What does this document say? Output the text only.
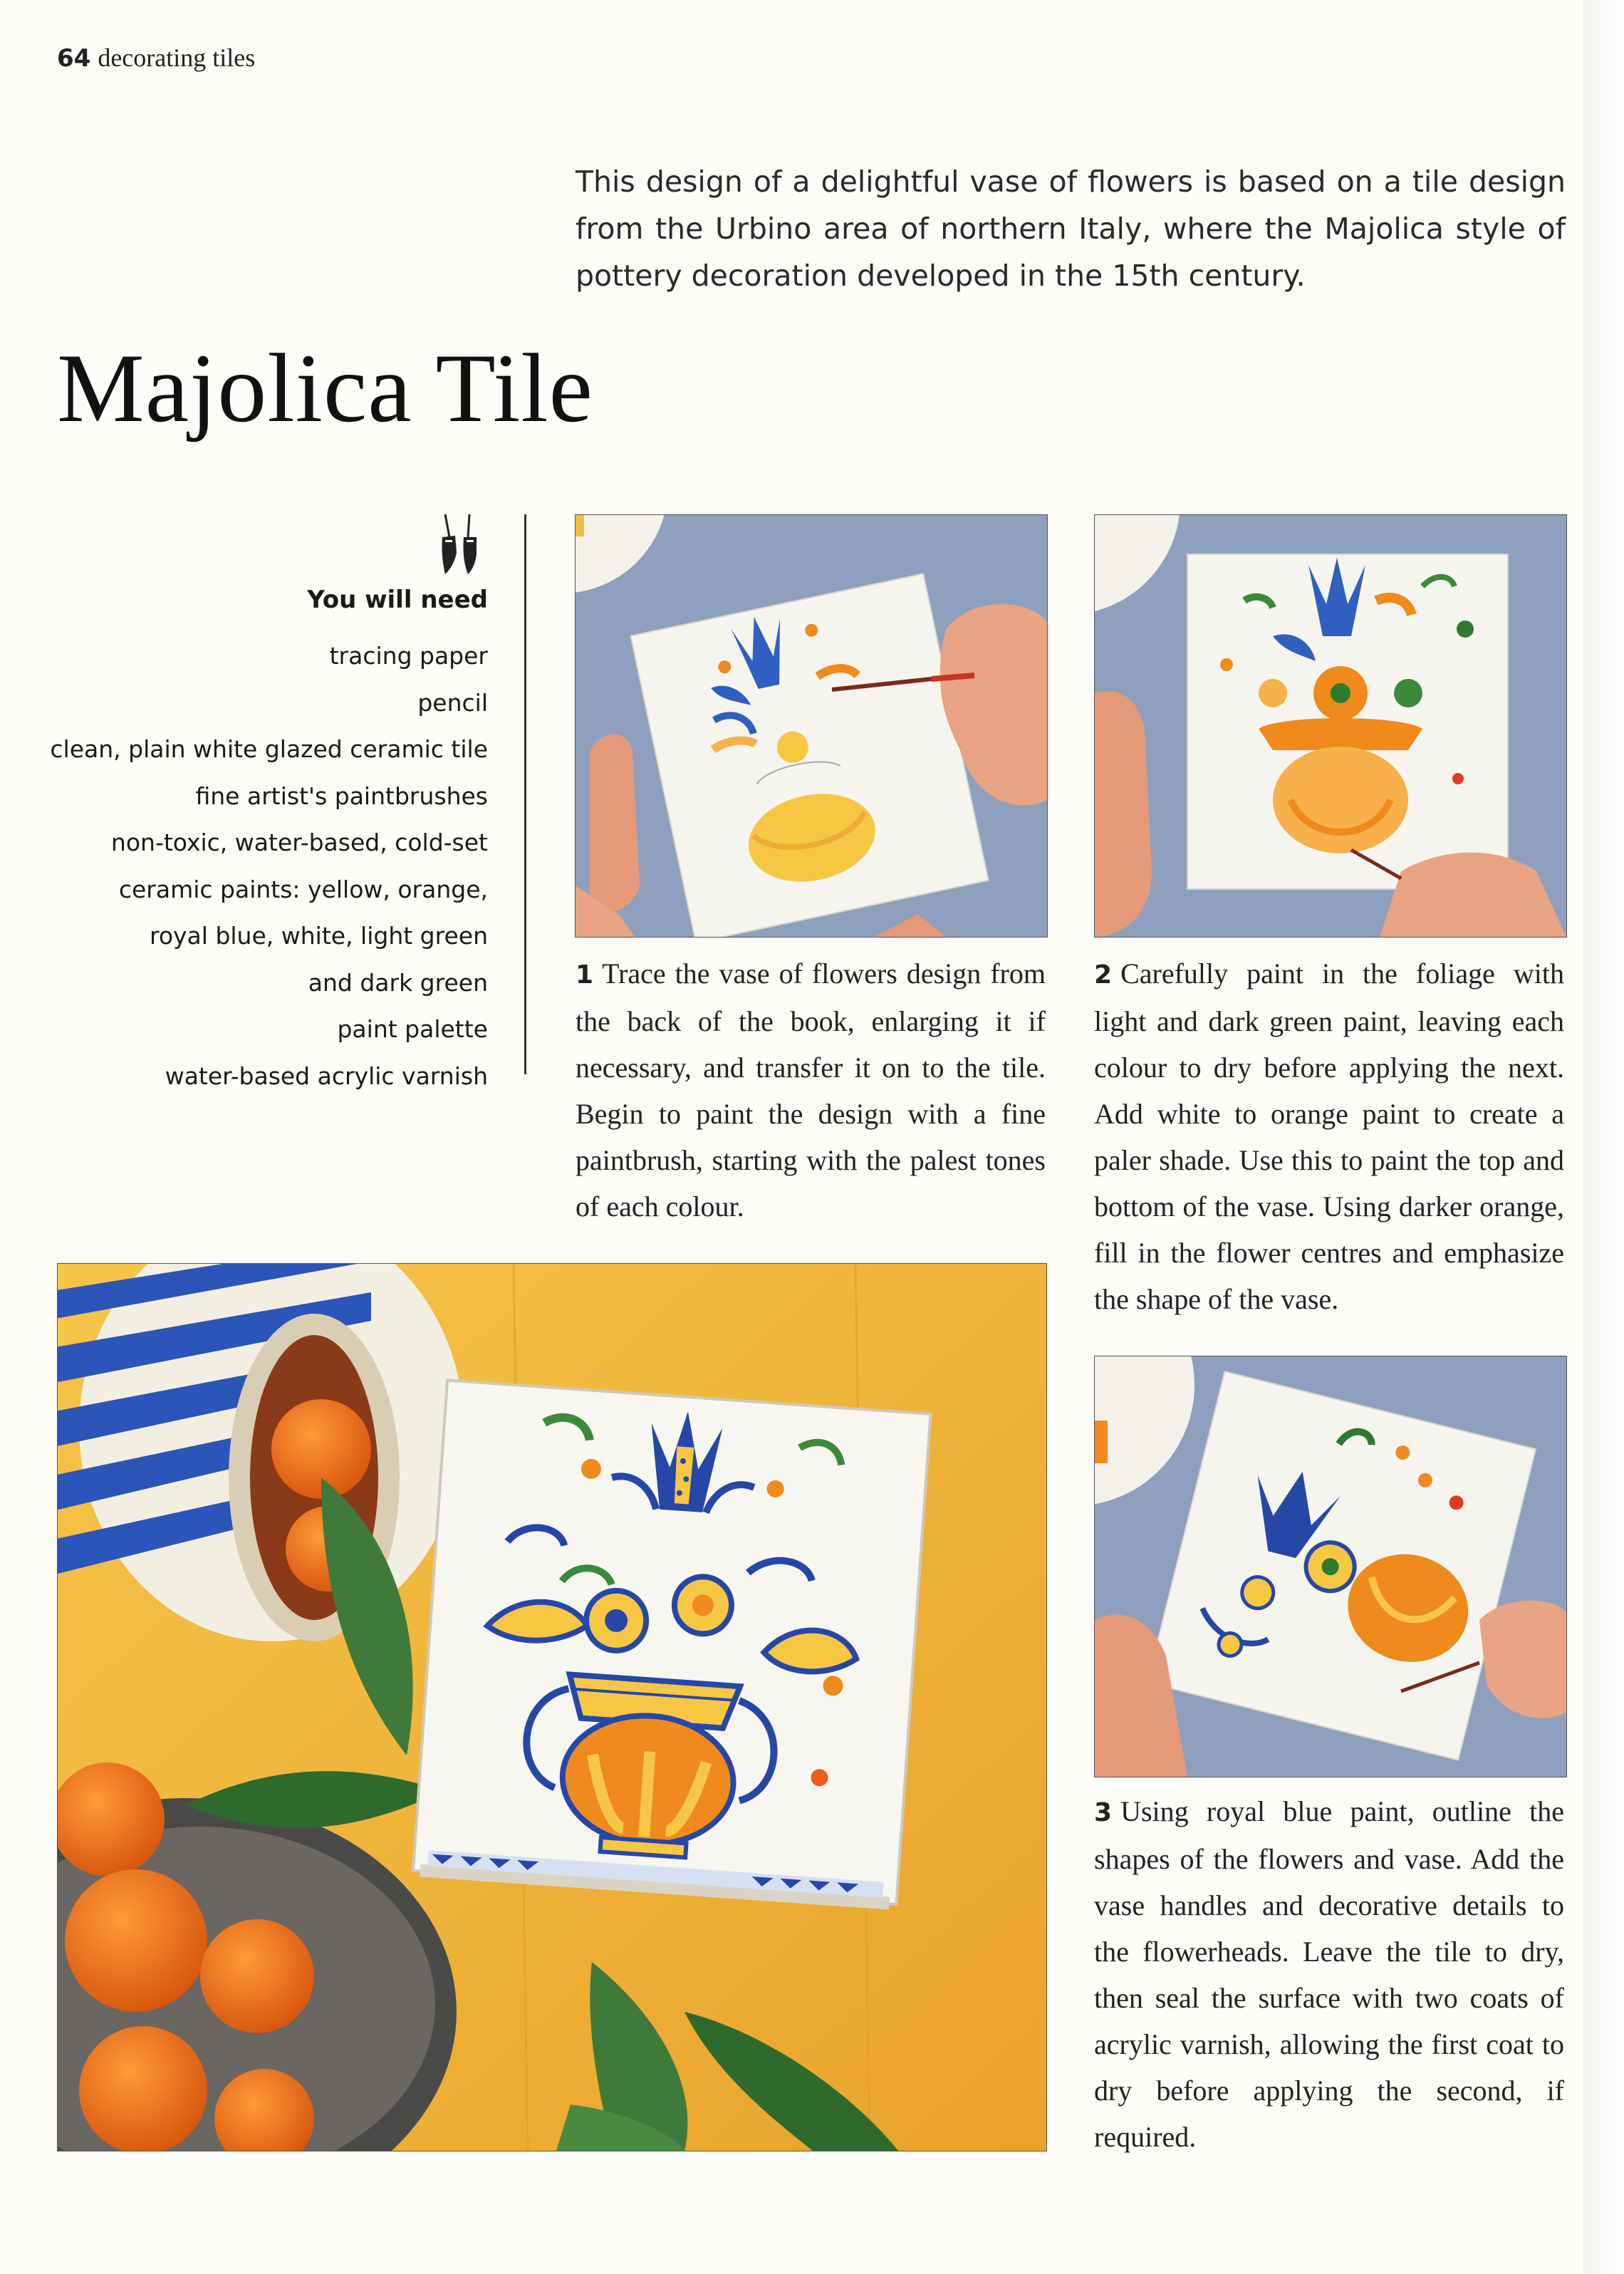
64 decorating tiles
This design of a delightful vase of flowers is based on a tile design from the Urbino area of northern Italy, where the Majolica style of pottery decoration developed in the 15th century.
Majolica Tile
You will need
tracing paper
pencil
clean, plain white glazed ceramic tile
fine artist's paintbrushes
non-toxic, water-based, cold-set
ceramic paints: yellow, orange,
royal blue, white, light green
and dark green
paint palette
water-based acrylic varnish
1 Trace the vase of flowers design from the back of the book, enlarging it if necessary, and transfer it on to the tile. Begin to paint the design with a fine paintbrush, starting with the palest tones of each colour.
2 Carefully paint in the foliage with light and dark green paint, leaving each colour to dry before applying the next. Add white to orange paint to create a paler shade. Use this to paint the top and bottom of the vase. Using darker orange, fill in the flower centres and emphasize the shape of the vase.
3 Using royal blue paint, outline the shapes of the flowers and vase. Add the vase handles and decorative details to the flowerheads. Leave the tile to dry, then seal the surface with two coats of acrylic varnish, allowing the first coat to dry before applying the second, if required.
